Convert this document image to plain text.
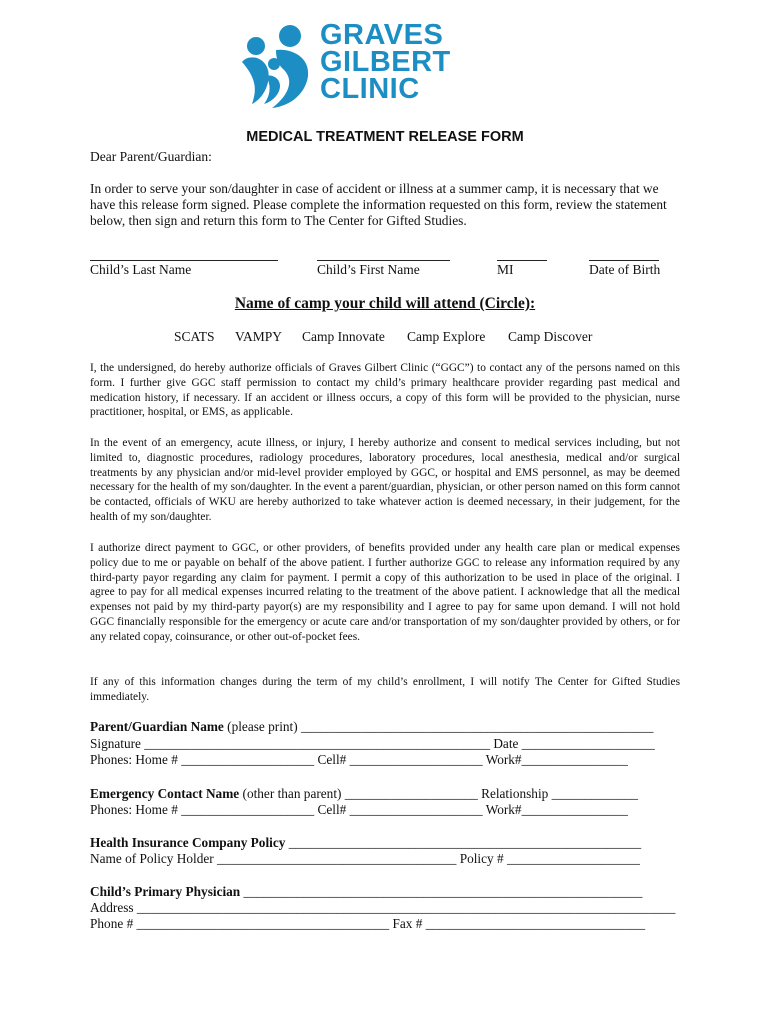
GRAVES
GILBERT
CLINIC
MEDICAL TREATMENT RELEASE FORM
Dear Parent/Guardian:
In order to serve your son/daughter in case of accident or illness at a summer camp, it is necessary that we have this release form signed. Please complete the information requested on this form, review the statement below, then sign and return this form to The Center for Gifted Studies.
Child’s Last Name	Child’s First Name	MI	Date of Birth
Name of camp your child will attend (Circle):
SCATS VAMPY Camp Innovate Camp Explore Camp Discover
I, the undersigned, do hereby authorize officials of Graves Gilbert Clinic (“GGC”) to contact any of the persons named on this form. I further give GGC staff permission to contact my child’s primary healthcare provider regarding past medical and medication history, if necessary. If an accident or illness occurs, a copy of this form will be provided to the physician, nurse practitioner, hospital, or EMS, as applicable.
In the event of an emergency, acute illness, or injury, I hereby authorize and consent to medical services including, but not limited to, diagnostic procedures, radiology procedures, laboratory procedures, local anesthesia, medical and/or surgical treatments by any physician and/or mid-level provider employed by GGC, or hospital and EMS personnel, as may be deemed necessary for the health of my son/daughter. In the event a parent/guardian, physician, or other person named on this form cannot be contacted, officials of WKU are hereby authorized to take whatever action is deemed necessary, in their judgement, for the health of my son/daughter.
I authorize direct payment to GGC, or other providers, of benefits provided under any health care plan or medical expenses policy due to me or payable on behalf of the above patient. I further authorize GGC to release any information required by any third-party payor regarding any claim for payment. I permit a copy of this authorization to be used in place of the original. I agree to pay for all medical expenses incurred relating to the treatment of the above patient. I acknowledge that all the medical expenses not paid by my third-party payor(s) are my responsibility and I agree to pay for same upon demand. I will not hold GGC financially responsible for the emergency or acute care and/or transportation of my son/daughter provided by others, or for any related copay, coinsurance, or other out-of-pocket fees.
If any of this information changes during the term of my child’s enrollment, I will notify The Center for Gifted Studies immediately.
Parent/Guardian Name (please print) _____________________________________________________
Signature ____________________________________________________ Date ____________________
Phones: Home # ____________________ Cell# ____________________ Work#________________
Emergency Contact Name (other than parent) ____________________ Relationship _____________
Phones: Home # ____________________ Cell# ____________________ Work#________________
Health Insurance Company Policy _____________________________________________________
Name of Policy Holder ____________________________________ Policy # ____________________
Child’s Primary Physician ____________________________________________________________
Address _________________________________________________________________________________
Phone # ______________________________________ Fax # _________________________________
